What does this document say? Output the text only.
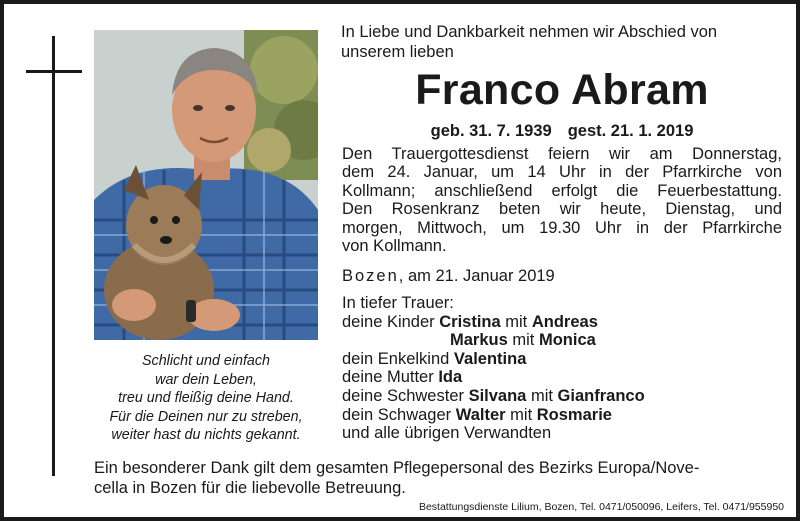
Schlicht und einfach
war dein Leben,
treu und fleißig deine Hand.
Für die Deinen nur zu streben,
weiter hast du nichts gekannt.
In Liebe und Dankbarkeit nehmen wir Abschied von
unserem lieben
Franco Abram
geb. 31. 7. 1939 gest. 21. 1. 2019
Den Trauergottesdienst feiern wir am Donnerstag,
dem 24. Januar, um 14 Uhr in der Pfarrkirche von
Kollmann; anschließend erfolgt die Feuerbestattung.
Den Rosenkranz beten wir heute, Dienstag, und
morgen, Mittwoch, um 19.30 Uhr in der Pfarrkirche
von Kollmann.
Bozen, am 21. Januar 2019
In tiefer Trauer:
deine Kinder Cristina mit Andreas
Markus mit Monica
dein Enkelkind Valentina
deine Mutter Ida
deine Schwester Silvana mit Gianfranco
dein Schwager Walter mit Rosmarie
und alle übrigen Verwandten
Ein besonderer Dank gilt dem gesamten Pflegepersonal des Bezirks Europa/Nove-
cella in Bozen für die liebevolle Betreuung.
Bestattungsdienste Lilium, Bozen, Tel. 0471/050096, Leifers, Tel. 0471/955950
